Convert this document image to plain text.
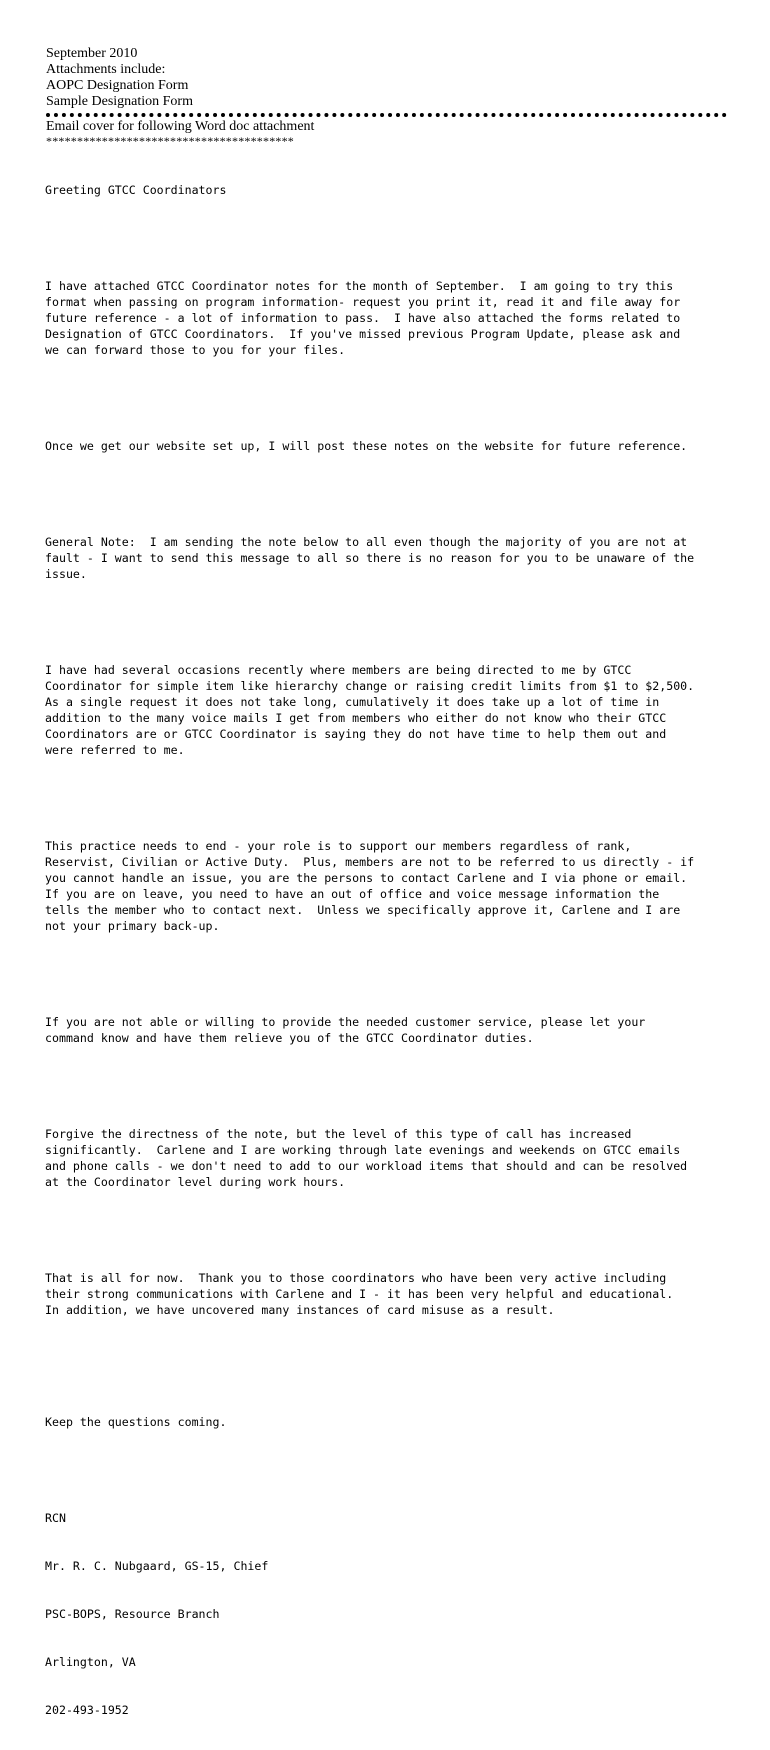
September 2010
Attachments include:
AOPC Designation Form
Sample Designation Form
Email cover for following Word doc attachment
****************************************

Greeting GTCC Coordinators

I have attached GTCC Coordinator notes for the month of September.  I am going to try this
format when passing on program information- request you print it, read it and file away for
future reference - a lot of information to pass.  I have also attached the forms related to
Designation of GTCC Coordinators.  If you've missed previous Program Update, please ask and
we can forward those to you for your files.

Once we get our website set up, I will post these notes on the website for future reference.

General Note:  I am sending the note below to all even though the majority of you are not at
fault - I want to send this message to all so there is no reason for you to be unaware of the
issue.

I have had several occasions recently where members are being directed to me by GTCC
Coordinator for simple item like hierarchy change or raising credit limits from $1 to $2,500.
As a single request it does not take long, cumulatively it does take up a lot of time in
addition to the many voice mails I get from members who either do not know who their GTCC
Coordinators are or GTCC Coordinator is saying they do not have time to help them out and
were referred to me.

This practice needs to end - your role is to support our members regardless of rank,
Reservist, Civilian or Active Duty.  Plus, members are not to be referred to us directly - if
you cannot handle an issue, you are the persons to contact Carlene and I via phone or email.
If you are on leave, you need to have an out of office and voice message information the
tells the member who to contact next.  Unless we specifically approve it, Carlene and I are
not your primary back-up.

If you are not able or willing to provide the needed customer service, please let your
command know and have them relieve you of the GTCC Coordinator duties.

Forgive the directness of the note, but the level of this type of call has increased
significantly.  Carlene and I are working through late evenings and weekends on GTCC emails
and phone calls - we don't need to add to our workload items that should and can be resolved
at the Coordinator level during work hours.

That is all for now.  Thank you to those coordinators who have been very active including
their strong communications with Carlene and I - it has been very helpful and educational.
In addition, we have uncovered many instances of card misuse as a result.

Keep the questions coming.

RCN

Mr. R. C. Nubgaard, GS-15, Chief

PSC-BOPS, Resource Branch

Arlington, VA

202-493-1952
